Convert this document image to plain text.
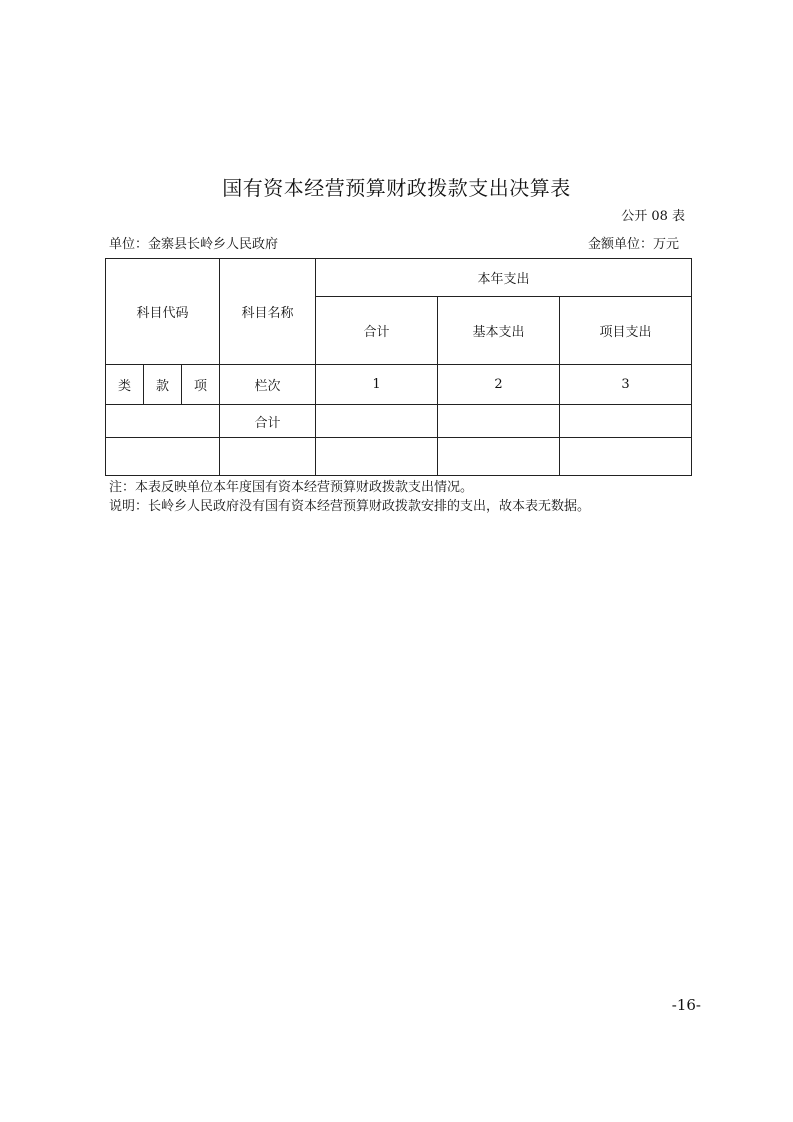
国有资本经营预算财政拨款支出决算表
公开 08 表
单位：金寨县长岭乡人民政府	金额单位：万元
科目代码			科目名称	本年支出		
				合计	基本支出	项目支出
类	款	项	栏次	1	2	3
			合计			

注：本表反映单位本年度国有资本经营预算财政拨款支出情况。
说明：长岭乡人民政府没有国有资本经营预算财政拨款安排的支出，故本表无数据。
-16-
